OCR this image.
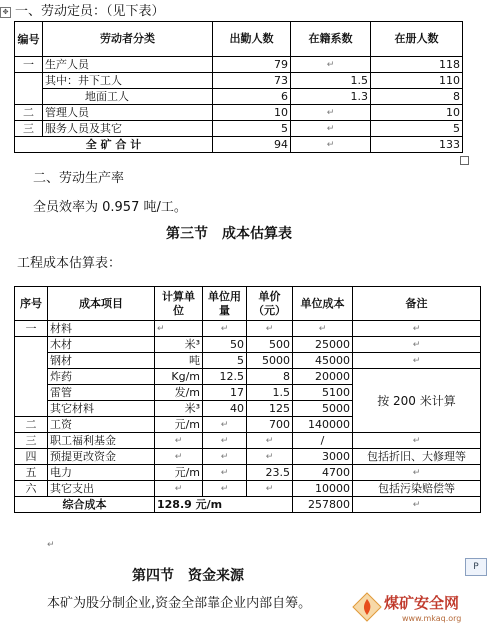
✥ 一、劳动定员：（见下表）
编号	劳动者分类	出勤人数	在籍系数	在册人数
一	生产人员	79	↵	118
	其中：井下工人	73	1.5	110
	地面工人	6	1.3	8
二	管理人员	10	↵	10
三	服务人员及其它	5	↵	5
全 矿 合 计		94	↵	133
二、劳动生产率
全员效率为 0.957 吨/工。
第三节　成本估算表
工程成本估算表：
序号	成本项目	计算单位	单位用量	单价（元）	单位成本	备注	
一	材料	↵	↵	↵	↵	↵	
	木材	米³	50	500	25000	↵	
	钢材	吨	5	5000	45000	↵	
	炸药	Kg/m	12.5	8	20000	按 200 米计算	
	雷管	发/m	17	1.5	5100		
	其它材料	米³	40	125	5000		
二	工资	元/m	↵	700	140000	
三	职工福利基金	↵	↵	↵	/	↵	
四	预提更改资金	↵	↵	↵	3000	包括折旧、大修理等	
五	电力	元/m	↵	23.5	4700	↵	
六	其它支出	↵	↵	↵	10000	包括污染赔偿等	
综合成本		128.9 元/m			257800	↵	
↵
第四节　资金来源
本矿为股分制企业,资金全部靠企业内部自筹。
P
煤矿安全网
www.mkaq.org
